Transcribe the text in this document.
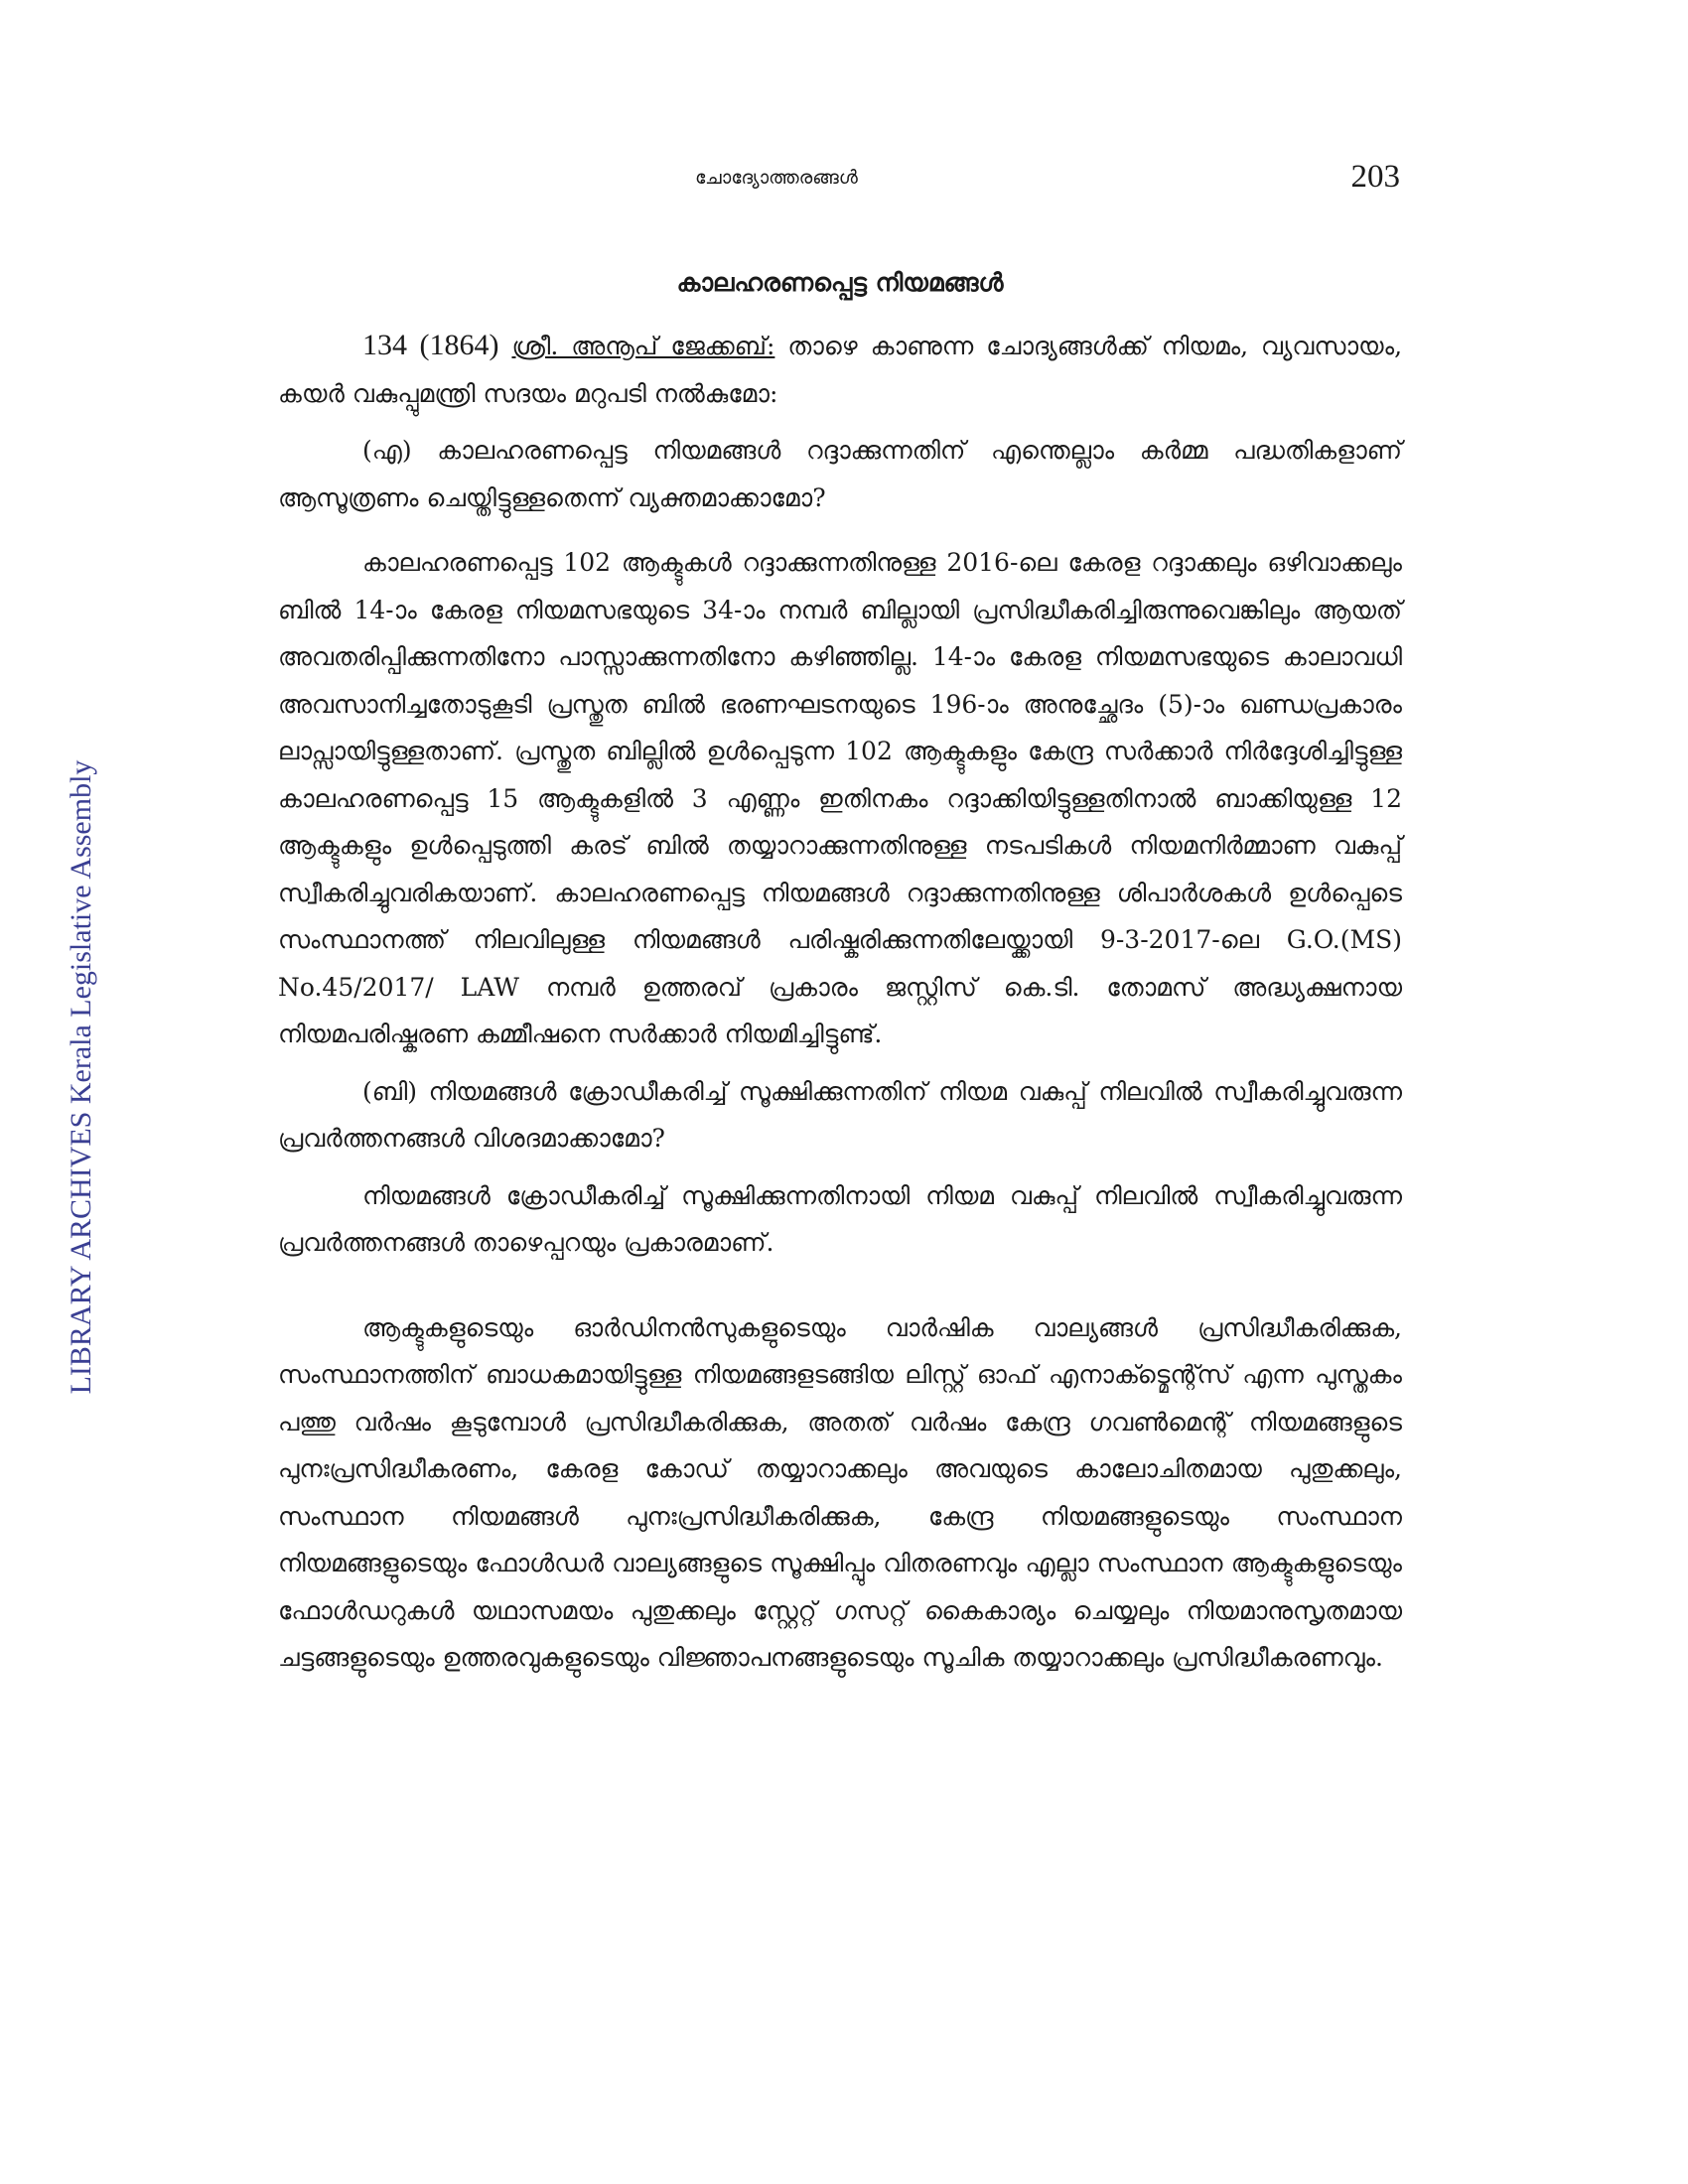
ചോദ്യോത്തരങ്ങൾ	203
LIBRARY ARCHIVES Kerala Legislative Assembly
കാലഹരണപ്പെട്ട നിയമങ്ങൾ

134 (1864) ശ്രീ. അനൂപ് ജേക്കബ്: താഴെ കാണുന്ന ചോദ്യങ്ങൾക്ക് നിയമം, വ്യവസായം, കയർ വകുപ്പുമന്ത്രി സദയം മറുപടി നൽകുമോ:

(എ) കാലഹരണപ്പെട്ട നിയമങ്ങൾ റദ്ദാക്കുന്നതിന് എന്തെല്ലാം കർമ്മ പദ്ധതികളാണ് ആസൂത്രണം ചെയ്തിട്ടുള്ളതെന്ന് വ്യക്തമാക്കാമോ?

കാലഹരണപ്പെട്ട 102 ആക്ടുകൾ റദ്ദാക്കുന്നതിനുള്ള 2016-ലെ കേരള റദ്ദാക്കലും ഒഴിവാക്കലും ബിൽ 14-ാം കേരള നിയമസഭയുടെ 34-ാം നമ്പർ ബില്ലായി പ്രസിദ്ധീകരിച്ചിരുന്നുവെങ്കിലും ആയത് അവതരിപ്പിക്കുന്നതിനോ പാസ്സാക്കുന്നതിനോ കഴിഞ്ഞില്ല. 14-ാം കേരള നിയമസഭയുടെ കാലാവധി അവസാനിച്ചതോടുകൂടി പ്രസ്തുത ബിൽ ഭരണഘടനയുടെ 196-ാം അനുച്ഛേദം (5)-ാം ഖണ്ഡപ്രകാരം ലാപ്സായിട്ടുള്ളതാണ്. പ്രസ്തുത ബില്ലിൽ ഉൾപ്പെടുന്ന 102 ആക്ടുകളും കേന്ദ്ര സർക്കാർ നിർദ്ദേശിച്ചിട്ടുള്ള കാലഹരണപ്പെട്ട 15 ആക്ടുകളിൽ 3 എണ്ണം ഇതിനകം റദ്ദാക്കിയിട്ടുള്ളതിനാൽ ബാക്കിയുള്ള 12 ആക്ടുകളും ഉൾപ്പെടുത്തി കരട് ബിൽ തയ്യാറാക്കുന്നതിനുള്ള നടപടികൾ നിയമനിർമ്മാണ വകുപ്പ് സ്വീകരിച്ചുവരികയാണ്. കാലഹരണപ്പെട്ട നിയമങ്ങൾ റദ്ദാക്കുന്നതിനുള്ള ശിപാർശകൾ ഉൾപ്പെടെ സംസ്ഥാനത്ത് നിലവിലുള്ള നിയമങ്ങൾ പരിഷ്കരിക്കുന്നതിലേയ്ക്കായി 9-3-2017-ലെ G.O.(MS) No.45/2017/ LAW നമ്പർ ഉത്തരവ് പ്രകാരം ജസ്റ്റിസ് കെ.ടി. തോമസ് അദ്ധ്യക്ഷനായ നിയമപരിഷ്കരണ കമ്മീഷനെ സർക്കാർ നിയമിച്ചിട്ടുണ്ട്.

(ബി) നിയമങ്ങൾ ക്രോഡീകരിച്ച് സൂക്ഷിക്കുന്നതിന് നിയമ വകുപ്പ് നിലവിൽ സ്വീകരിച്ചുവരുന്ന പ്രവർത്തനങ്ങൾ വിശദമാക്കാമോ?

നിയമങ്ങൾ ക്രോഡീകരിച്ച് സൂക്ഷിക്കുന്നതിനായി നിയമ വകുപ്പ് നിലവിൽ സ്വീകരിച്ചുവരുന്ന പ്രവർത്തനങ്ങൾ താഴെപ്പറയും പ്രകാരമാണ്.

ആക്ടുകളുടെയും ഓർഡിനൻസുകളുടെയും വാർഷിക വാല്യങ്ങൾ പ്രസിദ്ധീകരിക്കുക, സംസ്ഥാനത്തിന് ബാധകമായിട്ടുള്ള നിയമങ്ങളടങ്ങിയ ലിസ്റ്റ് ഓഫ് എനാക്ട്മെന്റ്സ് എന്ന പുസ്തകം പത്തു വർഷം കൂടുമ്പോൾ പ്രസിദ്ധീകരിക്കുക, അതത് വർഷം കേന്ദ്ര ഗവൺമെന്റ് നിയമങ്ങളുടെ പുനഃപ്രസിദ്ധീകരണം, കേരള കോഡ് തയ്യാറാക്കലും അവയുടെ കാലോചിതമായ പുതുക്കലും, സംസ്ഥാന നിയമങ്ങൾ പുനഃപ്രസിദ്ധീകരിക്കുക, കേന്ദ്ര നിയമങ്ങളുടെയും സംസ്ഥാന നിയമങ്ങളുടെയും ഫോൾഡർ വാല്യങ്ങളുടെ സൂക്ഷിപ്പും വിതരണവും എല്ലാ സംസ്ഥാന ആക്ടുകളുടെയും ഫോൾഡറുകൾ യഥാസമയം പുതുക്കലും സ്റ്റേറ്റ് ഗസറ്റ് കൈകാര്യം ചെയ്യലും നിയമാനുസൃതമായ ചട്ടങ്ങളുടെയും ഉത്തരവുകളുടെയും വിജ്ഞാപനങ്ങളുടെയും സൂചിക തയ്യാറാക്കലും പ്രസിദ്ധീകരണവും.
